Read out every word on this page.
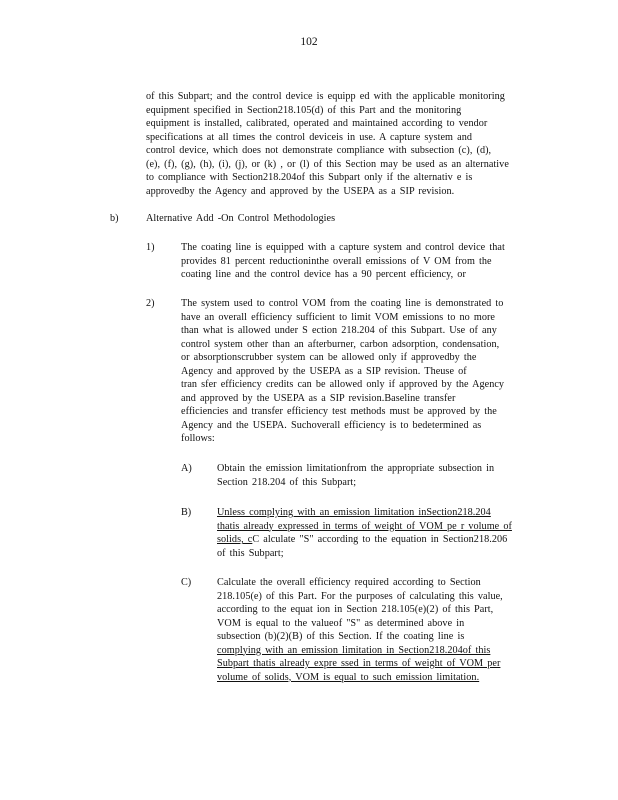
102
of this Subpart; and the control device is equipp ed with the applicable monitoring
equipment specified in Section218.105(d) of this Part and the monitoring
equipment is installed, calibrated, operated and maintained according to vendor
specifications at all times the control deviceis in use. A capture system and
control device, which does not demonstrate compliance with subsection (c), (d),
(e), (f), (g), (h), (i), (j), or (k) , or (l) of this Section may be used as an alternative
to compliance with Section218.204of this Subpart only if the alternativ e is
approvedby the Agency and approved by the USEPA as a SIP revision.
b)	Alternative Add -On Control Methodologies
1)	The coating line is equipped with a capture system and control device that
provides 81 percent reductioninthe overall emissions of V OM from the
coating line and the control device has a 90 percent efficiency, or
2)	The system used to control VOM from the coating line is demonstrated to
have an overall efficiency sufficient to limit VOM emissions to no more
than what is allowed under S ection 218.204 of this Subpart. Use of any
control system other than an afterburner, carbon adsorption, condensation,
or absorptionscrubber system can be allowed only if approvedby the
Agency and approved by the USEPA as a SIP revision. Theuse of
tran sfer efficiency credits can be allowed only if approved by the Agency
and approved by the USEPA as a SIP revision.Baseline transfer
efficiencies and transfer efficiency test methods must be approved by the
Agency and the USEPA. Suchoverall efficiency is to bedetermined as
follows:
A) Obtain the emission limitationfrom the appropriate subsection in
Section 218.204 of this Subpart;
B)	Unless complying with an emission limitation inSection218.204
thatis already expressed in terms of weight of VOM pe r volume of
solids, cC alculate "S" according to the equation in Section218.206
of this Subpart;
C)	Calculate the overall efficiency required according to Section
218.105(e) of this Part. For the purposes of calculating this value,
according to the equat ion in Section 218.105(e)(2) of this Part,
VOM is equal to the valueof "S" as determined above in
subsection (b)(2)(B) of this Section. If the coating line is
complying with an emission limitation in Section218.204of this
Subpart thatis already expre ssed in terms of weight of VOM per
volume of solids, VOM is equal to such emission limitation.
